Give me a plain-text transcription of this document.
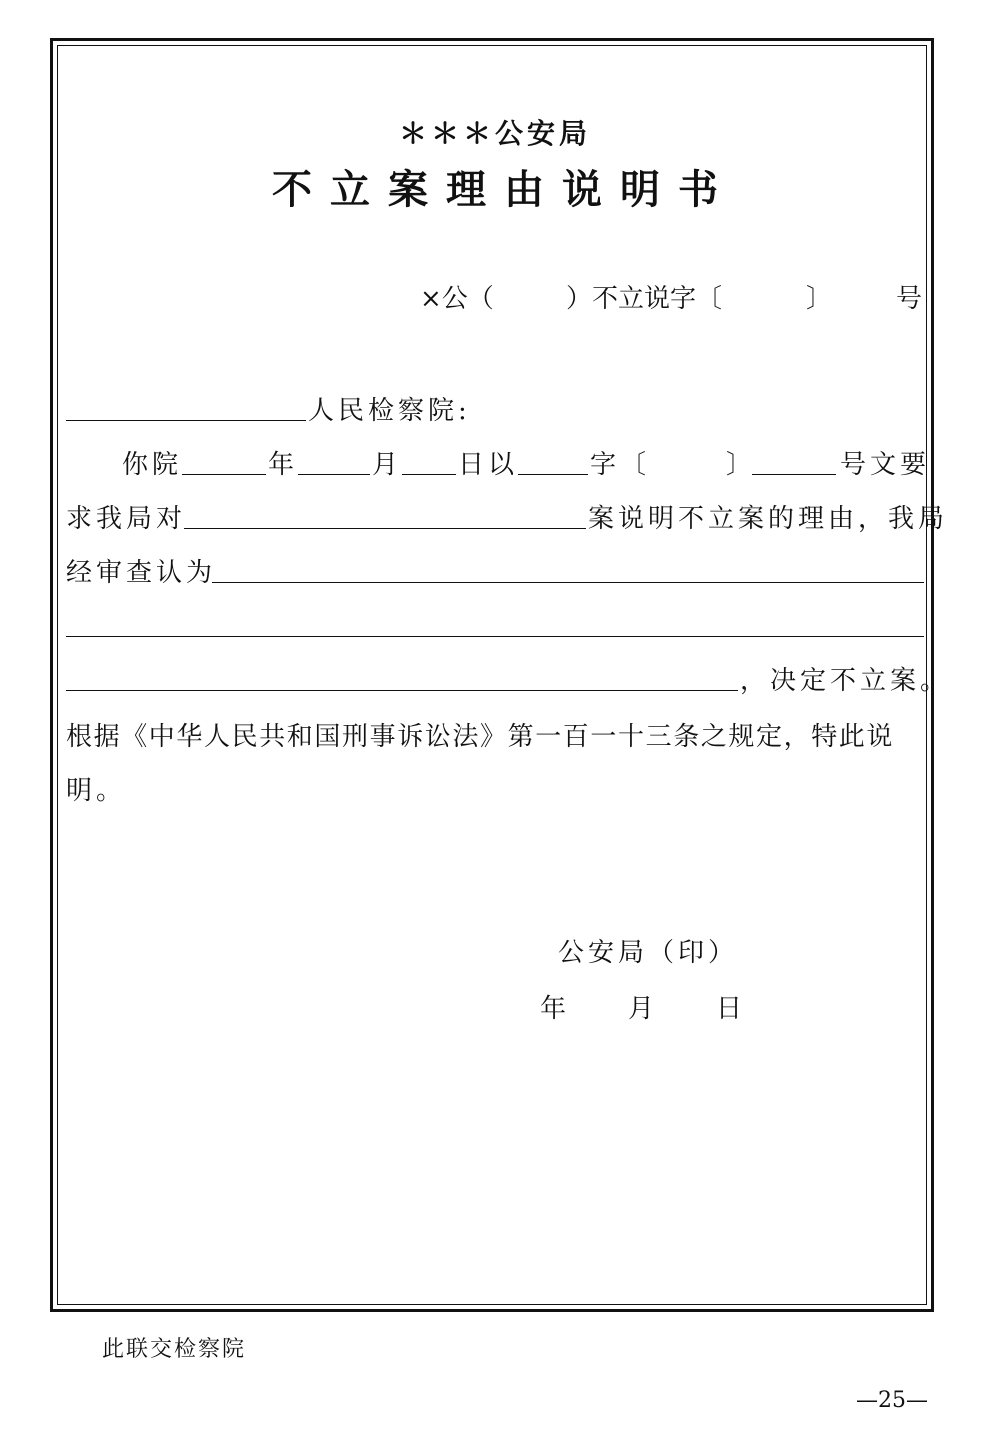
＊＊＊公安局
不立案理由说明书
×公（	）不立说字〔	〕 号
人民检察院:
你院	年	月 日以	字〔	〕	号文要
求我局对	案说明不立案的理由，我局
经审查认为
，决定不立案。
根据《中华人民共和国刑事诉讼法》第一百一十三条之规定，特此说
明。
公安局（印）
年 月 日
此联交检察院
—25—
